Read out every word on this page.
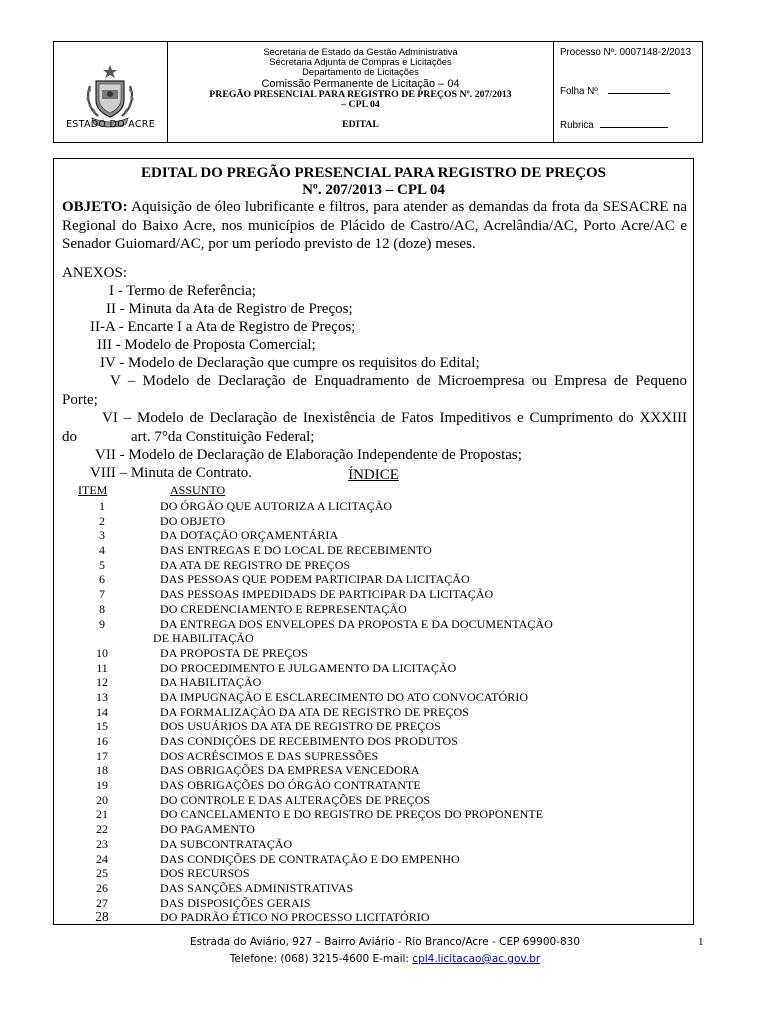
ESTADO DO ACRE
Secretaria de Estado da Gestão Administrativa
Secretaria Adjunta de Compras e Licitações
Departamento de Licitações
Comissão Permanente de Licitação – 04
PREGÃO PRESENCIAL PARA REGISTRO DE PREÇOS Nº. 207/2013
– CPL 04
EDITAL
Processo Nº. 0007148-2/2013
Folha Nº
Rubrica
EDITAL DO PREGÃO PRESENCIAL PARA REGISTRO DE PREÇOS
Nº. 207/2013 – CPL 04
OBJETO: Aquisição de óleo lubrificante e filtros, para atender as demandas da frota da SESACRE na Regional do Baixo Acre, nos municípios de Plácido de Castro/AC, Acrelândia/AC, Porto Acre/AC e Senador Guiomard/AC, por um período previsto de 12 (doze) meses.
ANEXOS:
I - Termo de Referência;
II - Minuta da Ata de Registro de Preços;
II-A - Encarte I a Ata de Registro de Preços;
III - Modelo de Proposta Comercial;
IV - Modelo de Declaração que cumpre os requisitos do Edital;
V – Modelo de Declaração de Enquadramento de Microempresa ou Empresa de Pequeno
Porte;
VI – Modelo de Declaração de Inexistência de Fatos Impeditivos e Cumprimento do XXXIII
do	art. 7°da Constituição Federal;
VII - Modelo de Declaração de Elaboração Independente de Propostas;
VIII – Minuta de Contrato.	ÍNDICE
ITEM	ASSUNTO
1	DO ÓRGÃO QUE AUTORIZA A LICITAÇÃO
2	DO OBJETO
3	DA DOTAÇÃO ORÇAMENTÁRIA
4	DAS ENTREGAS E DO LOCAL DE RECEBIMENTO
5	DA ATA DE REGISTRO DE PREÇOS
6	DAS PESSOAS QUE PODEM PARTICIPAR DA LICITAÇÃO
7	DAS PESSOAS IMPEDIDADS DE PARTICIPAR DA LICITAÇÃO
8	DO CREDENCIAMENTO E REPRESENTAÇÃO
9	DA ENTREGA DOS ENVELOPES DA PROPOSTA E DA DOCUMENTAÇÃO
DE HABILITAÇÃO
10	DA PROPOSTA DE PREÇOS
11	DO PROCEDIMENTO E JULGAMENTO DA LICITAÇÃO
12	DA HABILITAÇÃO
13	DA IMPUGNAÇÃO E ESCLARECIMENTO DO ATO CONVOCATÓRIO
14	DA FORMALIZAÇÃO DA ATA DE REGISTRO DE PREÇOS
15	DOS USUÁRIOS DA ATA DE REGISTRO DE PREÇOS
16	DAS CONDIÇÕES DE RECEBIMENTO DOS PRODUTOS
17	DOS ACRÉSCIMOS E DAS SUPRESSÕES
18	DAS OBRIGAÇÕES DA EMPRESA VENCEDORA
19	DAS OBRIGAÇÕES DO ÓRGÃO CONTRATANTE
20	DO CONTROLE E DAS ALTERAÇÕES DE PREÇOS
21	DO CANCELAMENTO E DO REGISTRO DE PREÇOS DO PROPONENTE
22	DO PAGAMENTO
23	DA SUBCONTRATAÇÃO
24	DAS CONDIÇÕES DE CONTRATAÇÃO E DO EMPENHO
25	DOS RECURSOS
26	DAS SANÇÕES ADMINISTRATIVAS
27	DAS DISPOSIÇÕES GERAIS
28	DO PADRÃO ÉTICO NO PROCESSO LICITATÓRIO
1
Estrada do Aviário, 927 – Bairro Aviário - Rio Branco/Acre - CEP 69900-830
Telefone: (068) 3215-4600 E-mail: cpl4.licitacao@ac.gov.br
